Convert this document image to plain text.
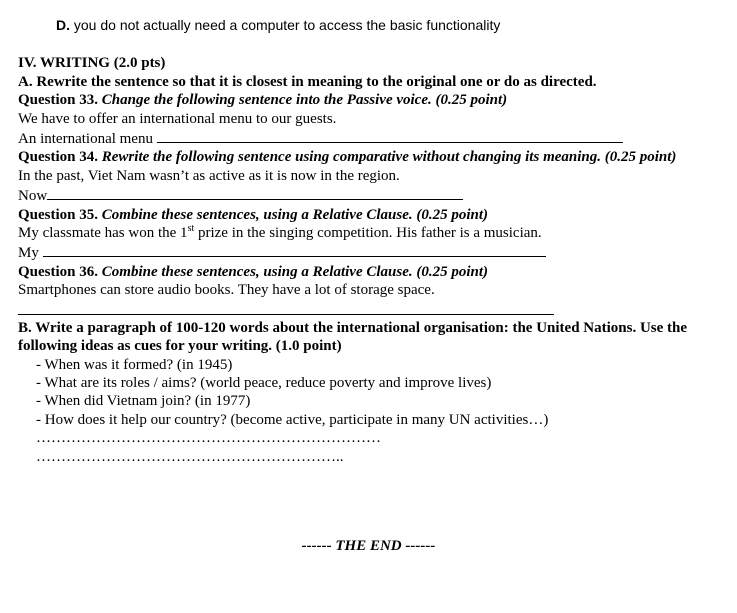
D. you do not actually need a computer to access the basic functionality
IV. WRITING (2.0 pts)
A. Rewrite the sentence so that it is closest in meaning to the original one or do as directed.
Question 33. Change the following sentence into the Passive voice. (0.25 point)
We have to offer an international menu to our guests.
An international menu
Question 34. Rewrite the following sentence using comparative without changing its meaning. (0.25 point)
In the past, Viet Nam wasn’t as active as it is now in the region.
Now
Question 35. Combine these sentences, using a Relative Clause. (0.25 point)
My classmate has won the 1st prize in the singing competition. His father is a musician.
My
Question 36. Combine these sentences, using a Relative Clause. (0.25 point)
Smartphones can store audio books. They have a lot of storage space.
B. Write a paragraph of 100-120 words about the international organisation: the United Nations. Use the following ideas as cues for your writing. (1.0 point)
- When was it formed? (in 1945)
- What are its roles / aims? (world peace, reduce poverty and improve lives)
- When did Vietnam join? (in 1977)
- How does it help our country? (become active, participate in many UN activities…)
……………………………………………………………
……………………………………………………..
------ THE END ------
